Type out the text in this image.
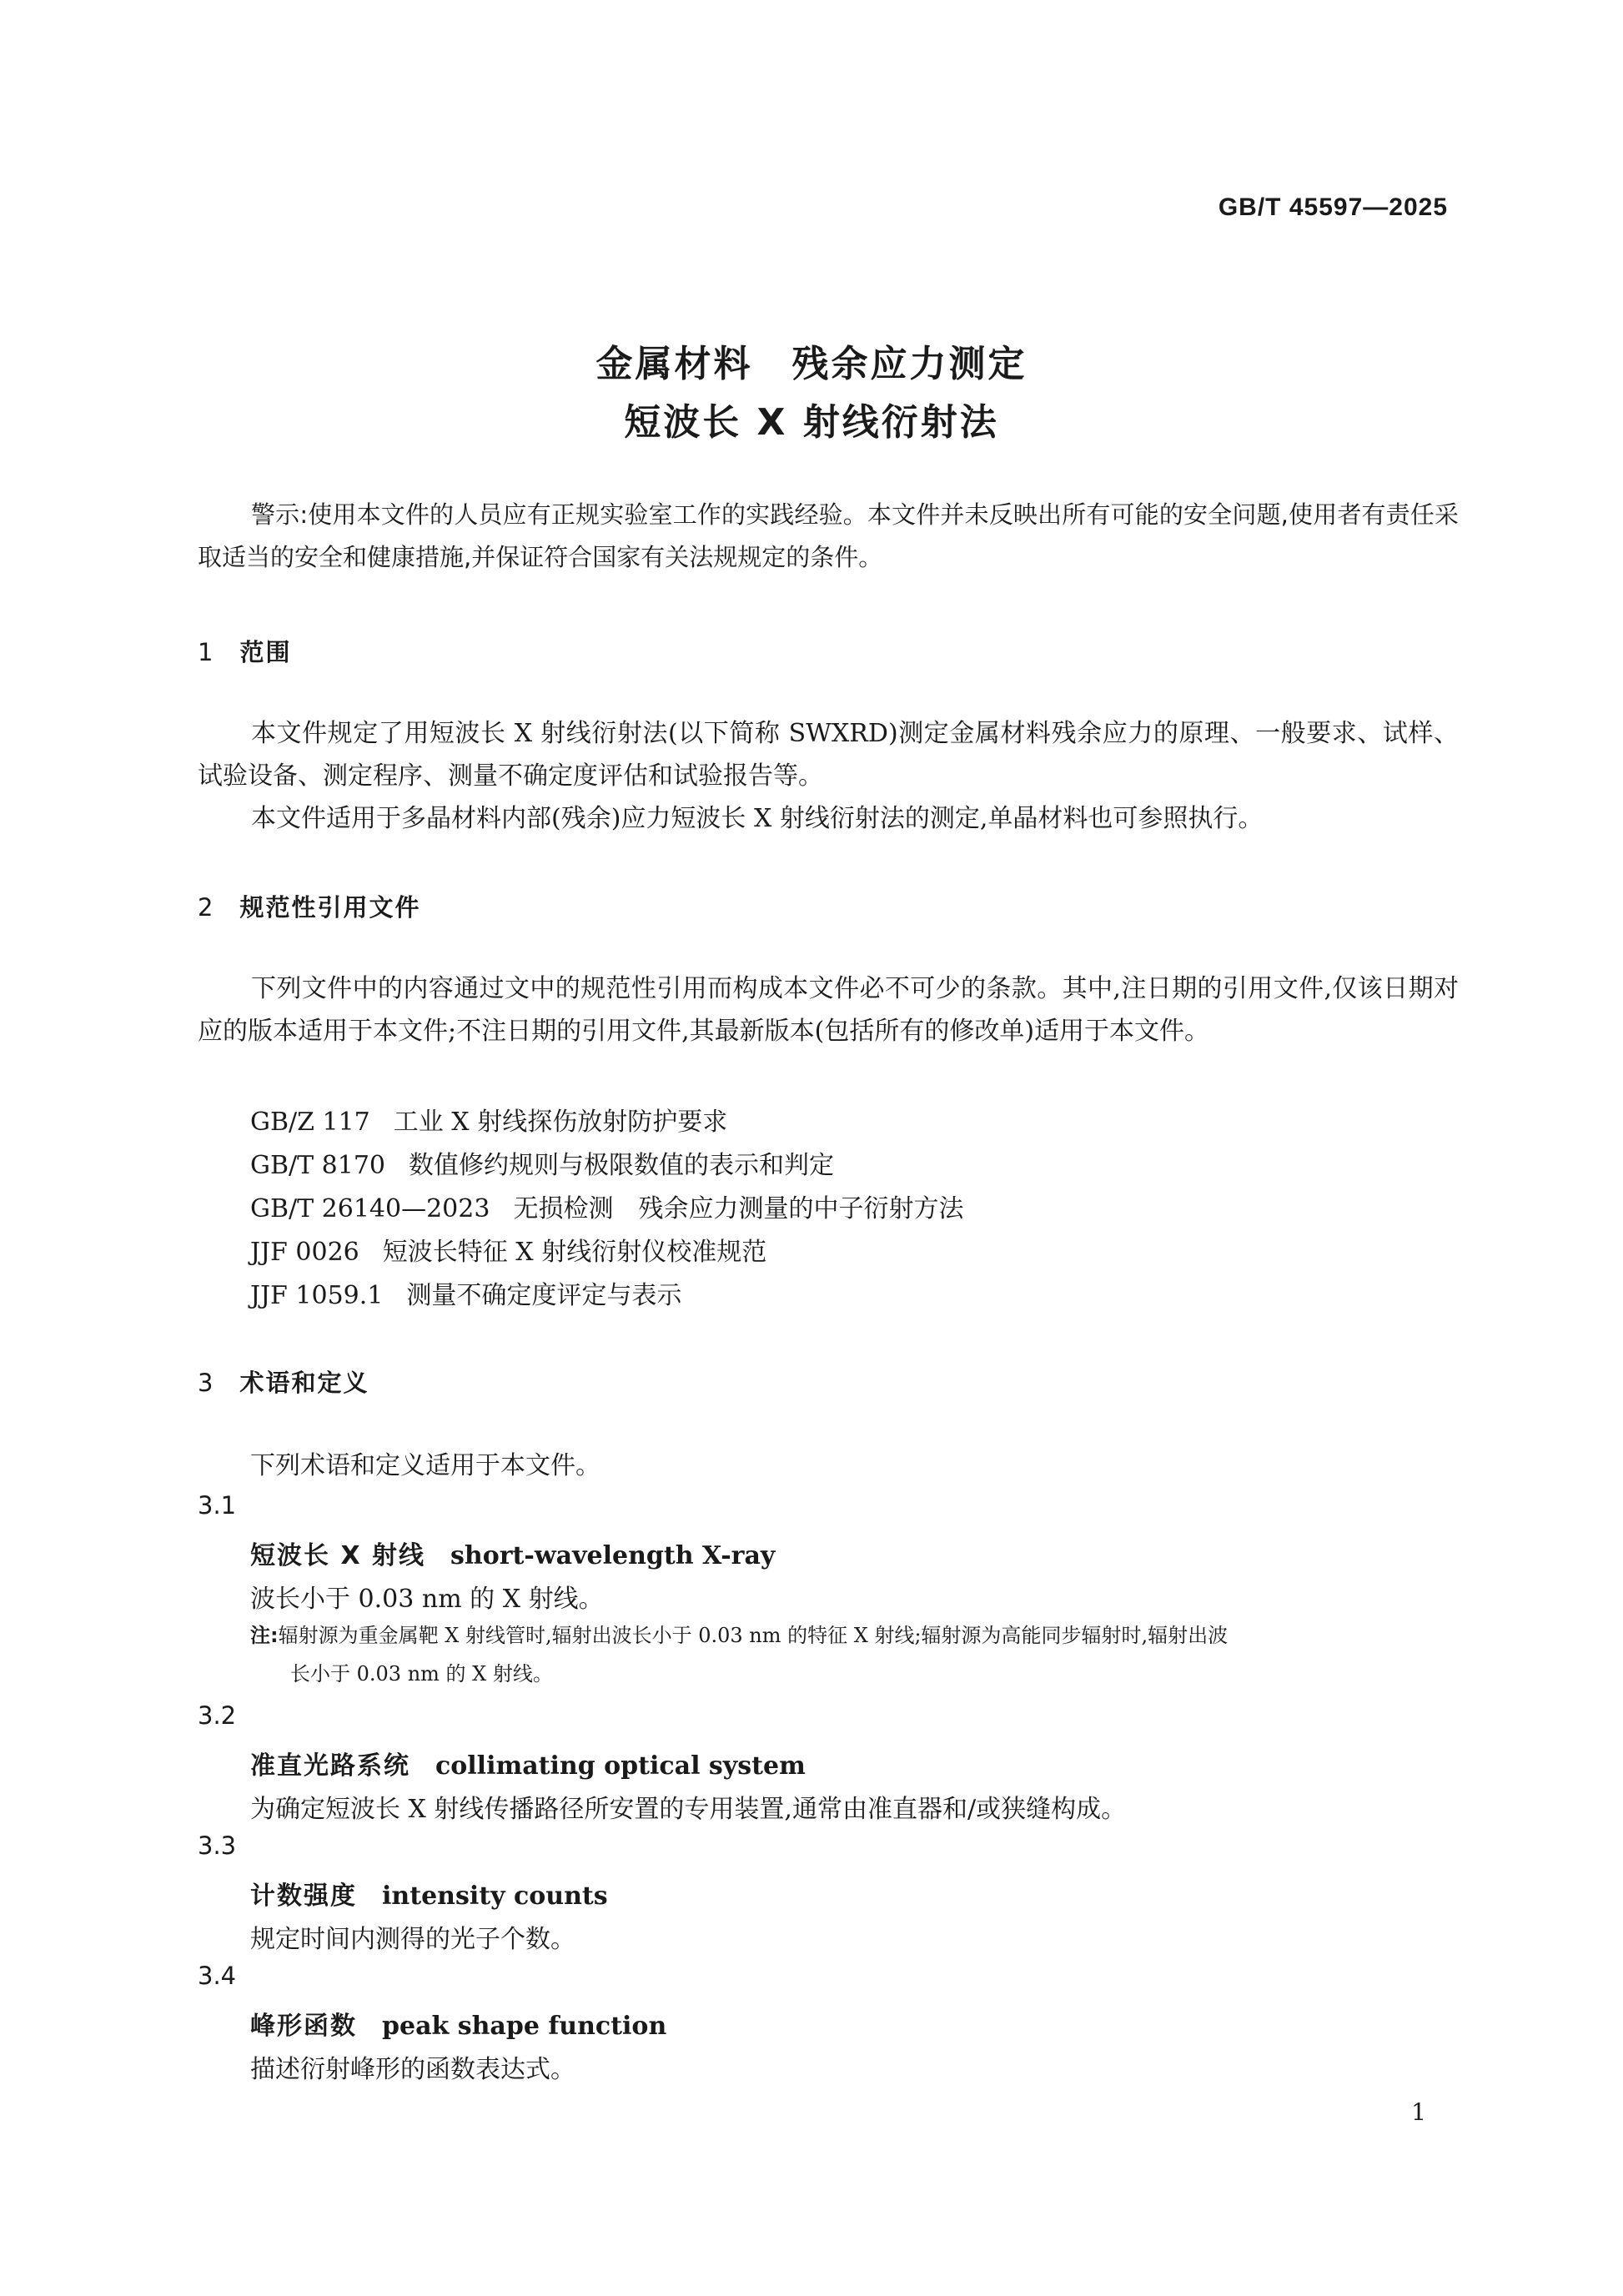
GB/T 45597—2025
金属材料　残余应力测定
短波长 X 射线衍射法
警示:使用本文件的人员应有正规实验室工作的实践经验。本文件并未反映出所有可能的安全问题,使用者有责任采取适当的安全和健康措施,并保证符合国家有关法规规定的条件。
1 范围
本文件规定了用短波长 X 射线衍射法(以下简称 SWXRD)测定金属材料残余应力的原理、一般要求、试样、试验设备、测定程序、测量不确定度评估和试验报告等。
本文件适用于多晶材料内部(残余)应力短波长 X 射线衍射法的测定,单晶材料也可参照执行。
2 规范性引用文件
下列文件中的内容通过文中的规范性引用而构成本文件必不可少的条款。其中,注日期的引用文件,仅该日期对应的版本适用于本文件;不注日期的引用文件,其最新版本(包括所有的修改单)适用于本文件。
GB/Z 117 工业 X 射线探伤放射防护要求
GB/T 8170 数值修约规则与极限数值的表示和判定
GB/T 26140—2023 无损检测　残余应力测量的中子衍射方法
JJF 0026 短波长特征 X 射线衍射仪校准规范
JJF 1059.1 测量不确定度评定与表示
3 术语和定义
下列术语和定义适用于本文件。
3.1
短波长 X 射线 short-wavelength X-ray
波长小于 0.03 nm 的 X 射线。
注:辐射源为重金属靶 X 射线管时,辐射出波长小于 0.03 nm 的特征 X 射线;辐射源为高能同步辐射时,辐射出波
长小于 0.03 nm 的 X 射线。
3.2
准直光路系统 collimating optical system
为确定短波长 X 射线传播路径所安置的专用装置,通常由准直器和/或狭缝构成。
3.3
计数强度 intensity counts
规定时间内测得的光子个数。
3.4
峰形函数 peak shape function
描述衍射峰形的函数表达式。
1
